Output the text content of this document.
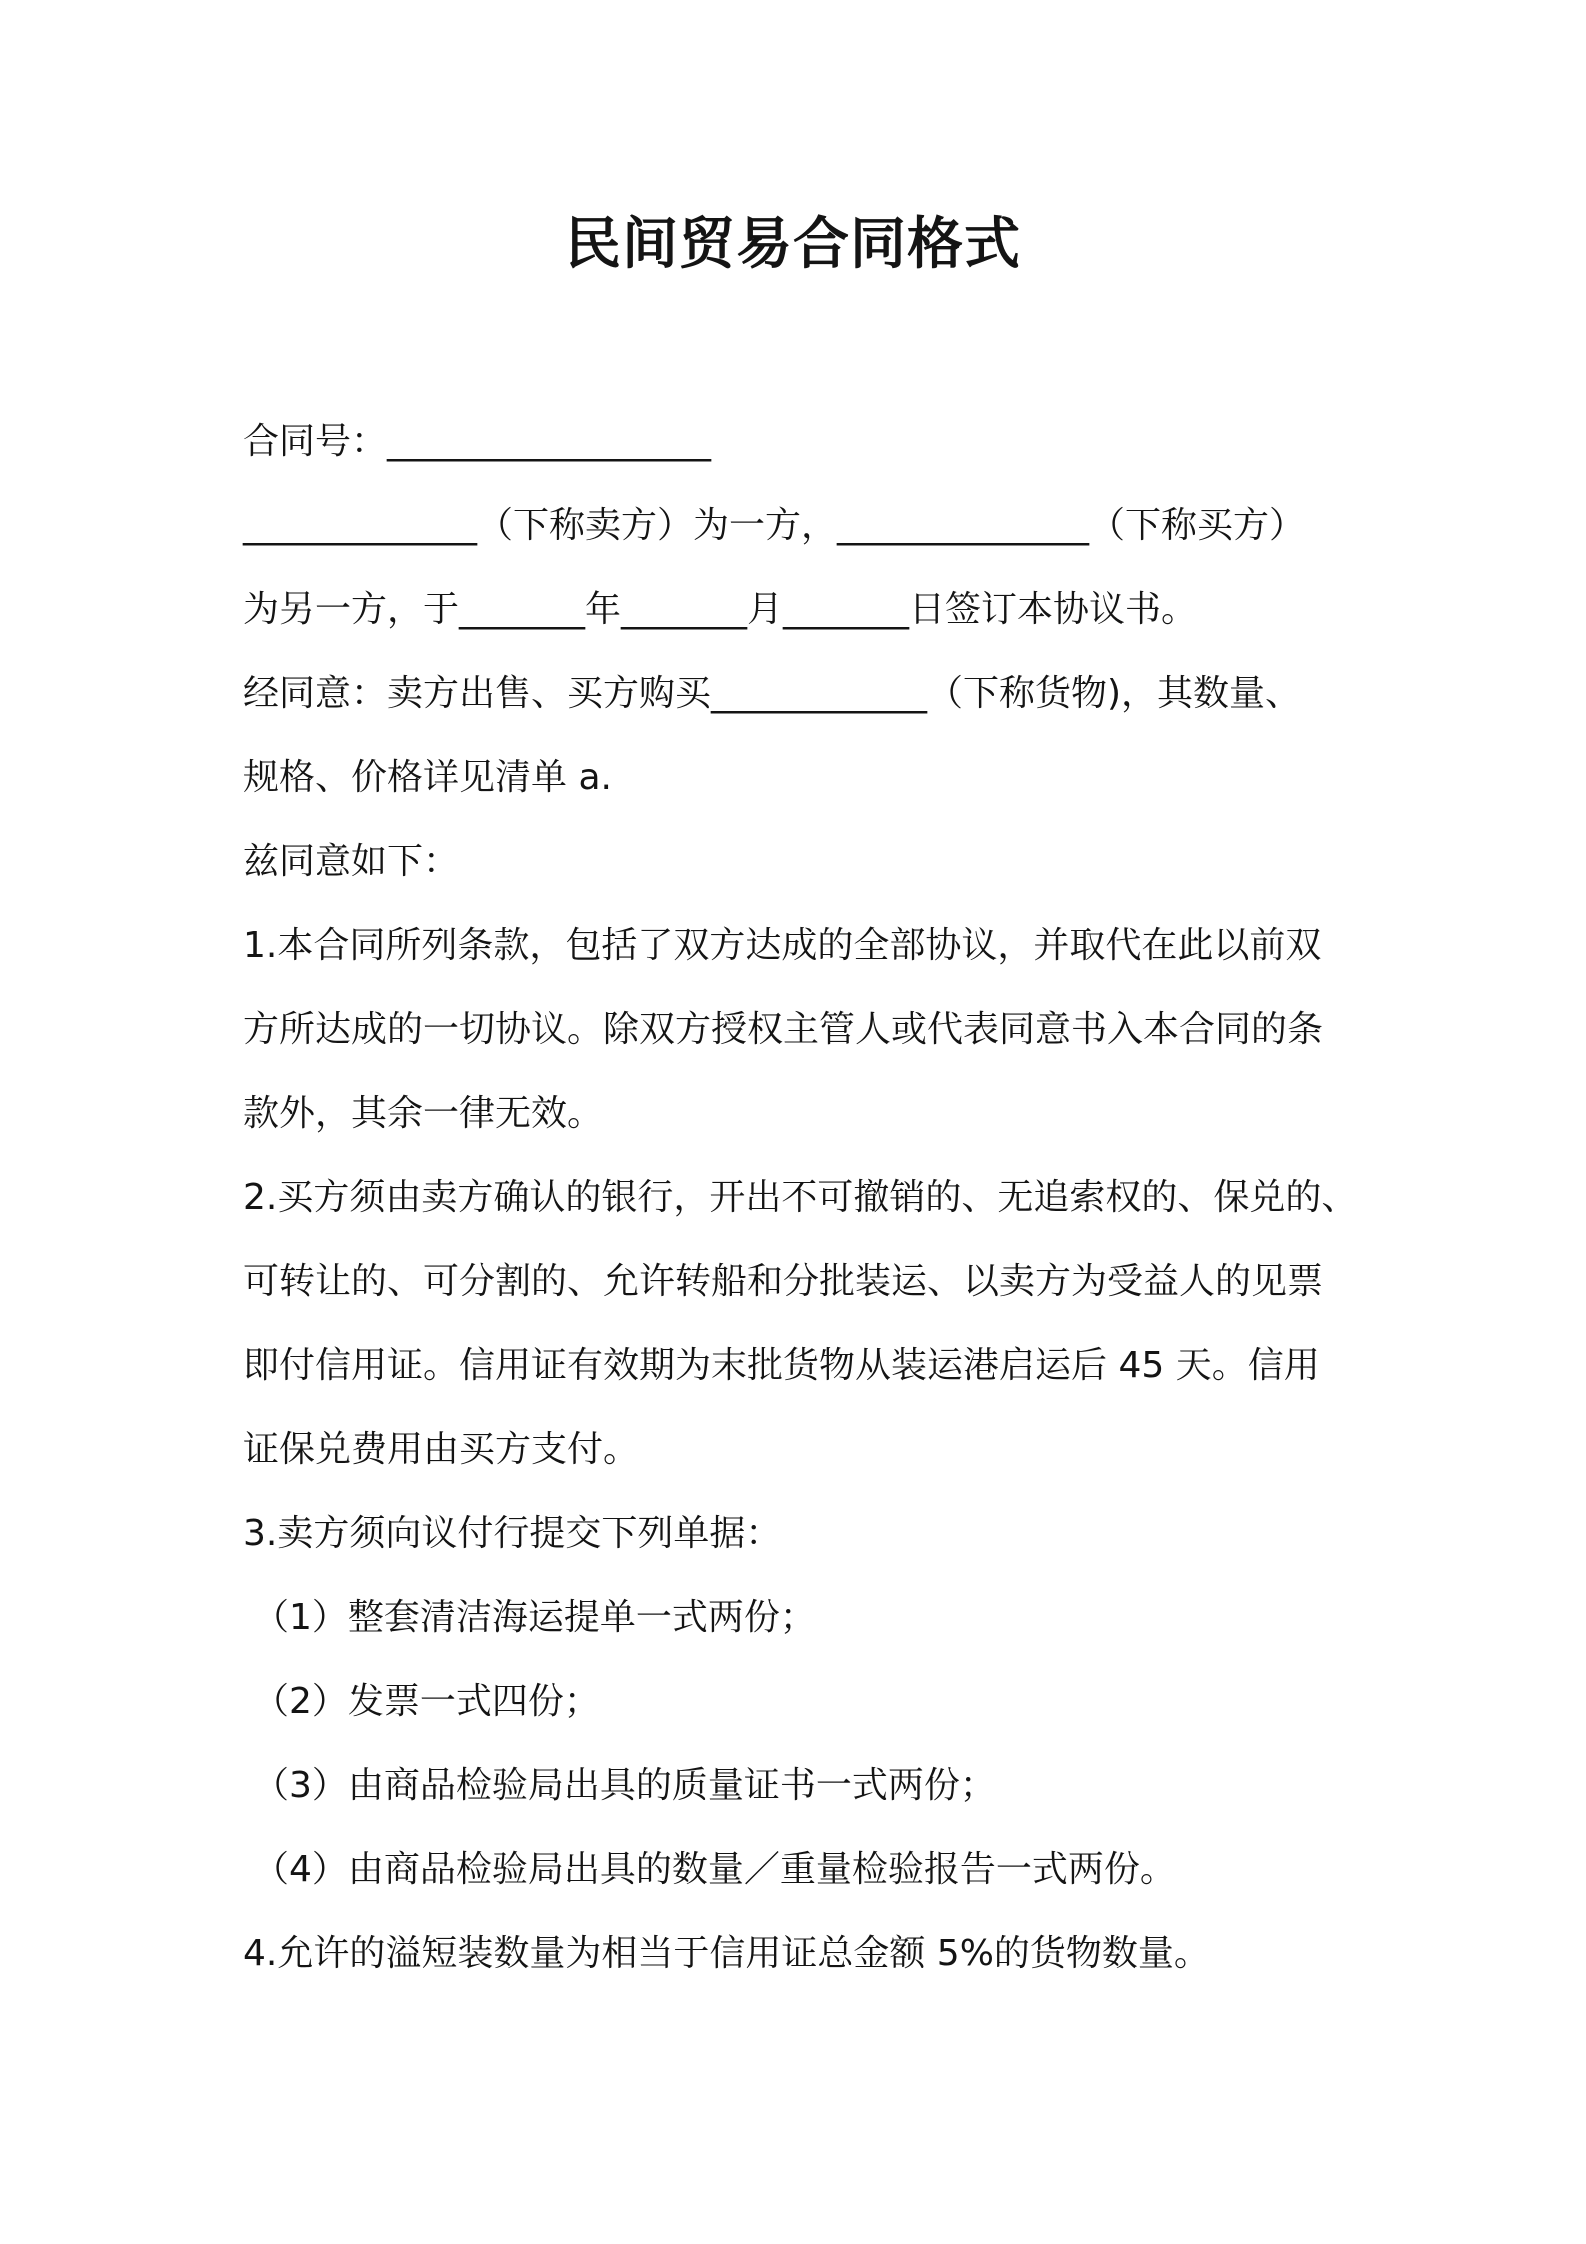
民间贸易合同格式

合同号：__________________

_____________（下称卖方）为一方，______________（下称买方）

为另一方，于_______年_______月_______日签订本协议书。

经同意：卖方出售、买方购买____________（下称货物)，其数量、

规格、价格详见清单 a.

兹同意如下：

1.本合同所列条款，包括了双方达成的全部协议，并取代在此以前双

方所达成的一切协议。除双方授权主管人或代表同意书入本合同的条

款外，其余一律无效。

2.买方须由卖方确认的银行，开出不可撤销的、无追索权的、保兑的、

可转让的、可分割的、允许转船和分批装运、以卖方为受益人的见票

即付信用证。信用证有效期为末批货物从装运港启运后 45 天。信用

证保兑费用由买方支付。

3.卖方须向议付行提交下列单据：

（1）整套清洁海运提单一式两份；

（2）发票一式四份；

（3）由商品检验局出具的质量证书一式两份；

（4）由商品检验局出具的数量／重量检验报告一式两份。

4.允许的溢短装数量为相当于信用证总金额 5%的货物数量。
